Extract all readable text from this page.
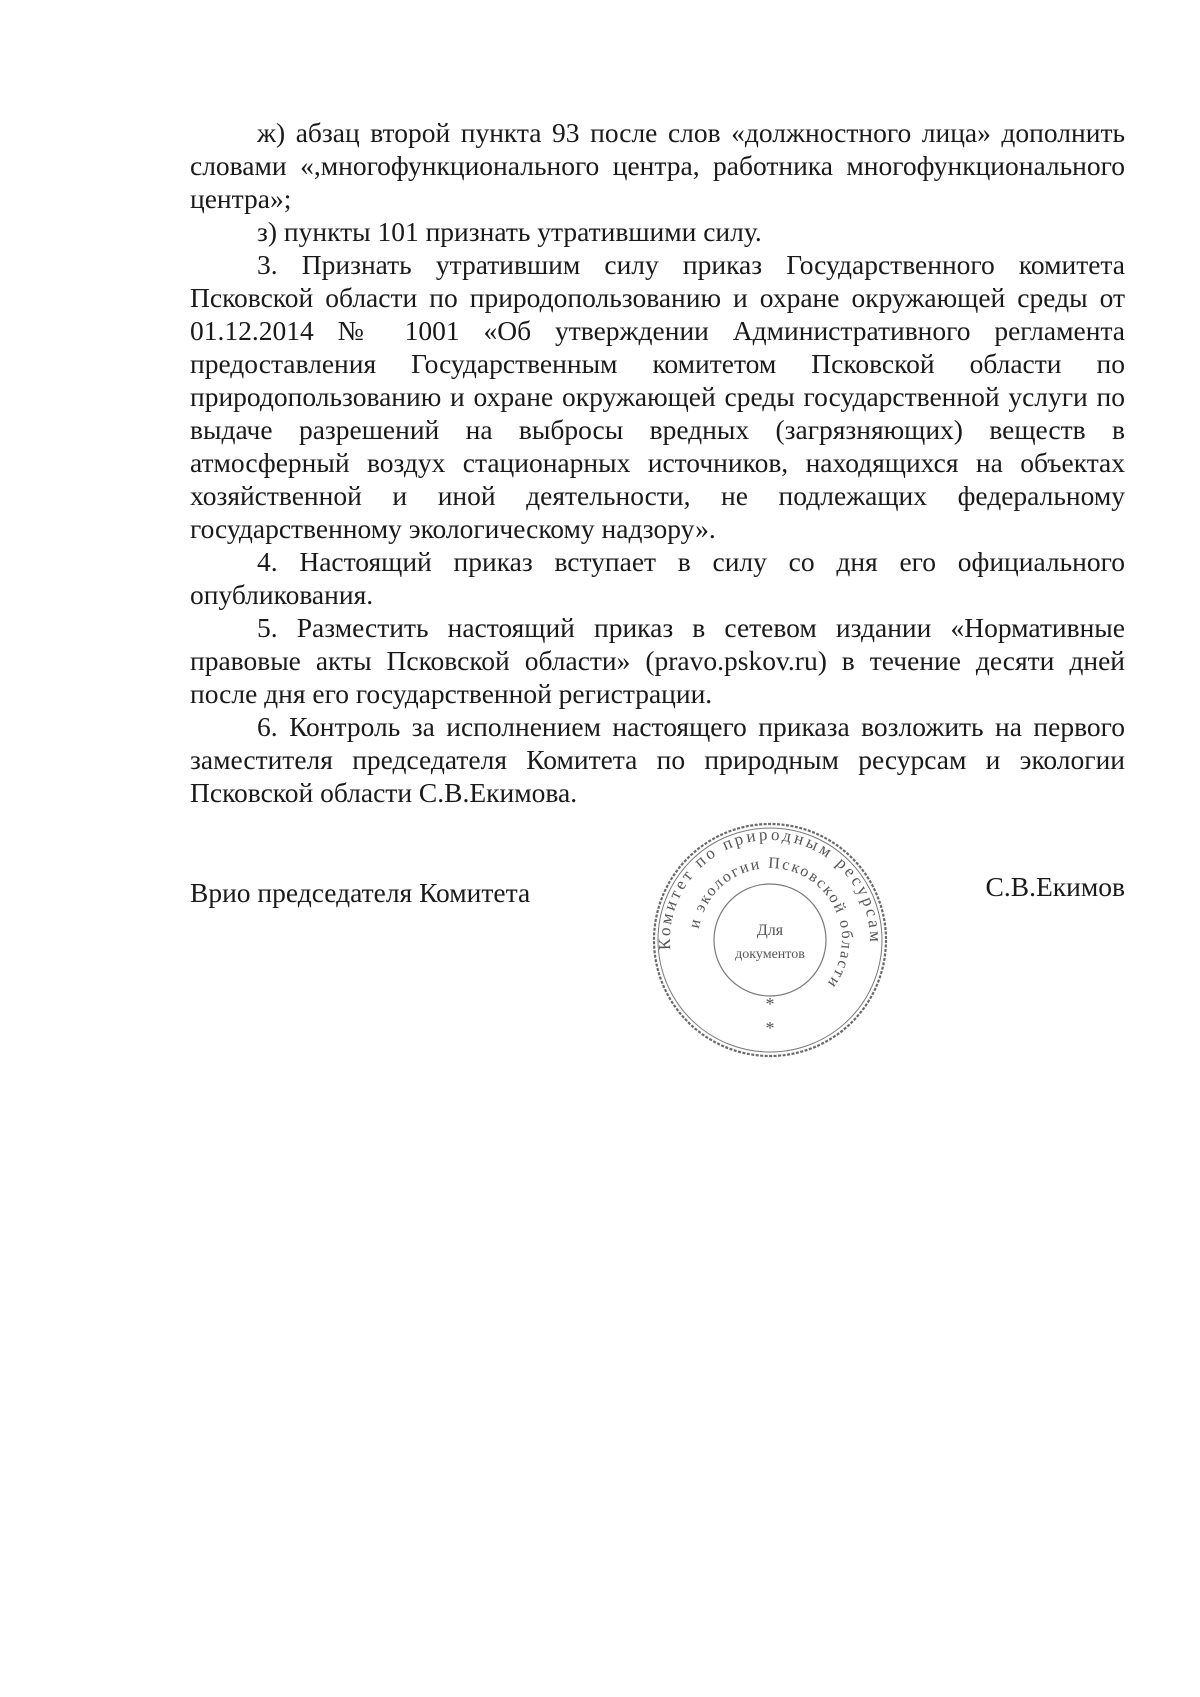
ж) абзац второй пункта 93 после слов «должностного лица» дополнить словами «,многофункционального центра, работника многофункционального центра»;

з) пункты 101 признать утратившими силу.

3. Признать утратившим силу приказ Государственного комитета Псковской области по природопользованию и охране окружающей среды от 01.12.2014 № 1001 «Об утверждении Административного регламента предоставления Государственным комитетом Псковской области по природопользованию и охране окружающей среды государственной услуги по выдаче разрешений на выбросы вредных (загрязняющих) веществ в атмосферный воздух стационарных источников, находящихся на объектах хозяйственной и иной деятельности, не подлежащих федеральному государственному экологическому надзору».

4. Настоящий приказ вступает в силу со дня его официального опубликования.

5. Разместить настоящий приказ в сетевом издании «Нормативные правовые акты Псковской области» (pravo.pskov.ru) в течение десяти дней после дня его государственной регистрации.

6. Контроль за исполнением настоящего приказа возложить на первого заместителя председателя Комитета по природным ресурсам и экологии Псковской области С.В.Екимова.

Врио председателя Комитета	С.В.Екимов
Комитет по природным ресурсам
и экологии Псковской области
Для
документов
*
*
